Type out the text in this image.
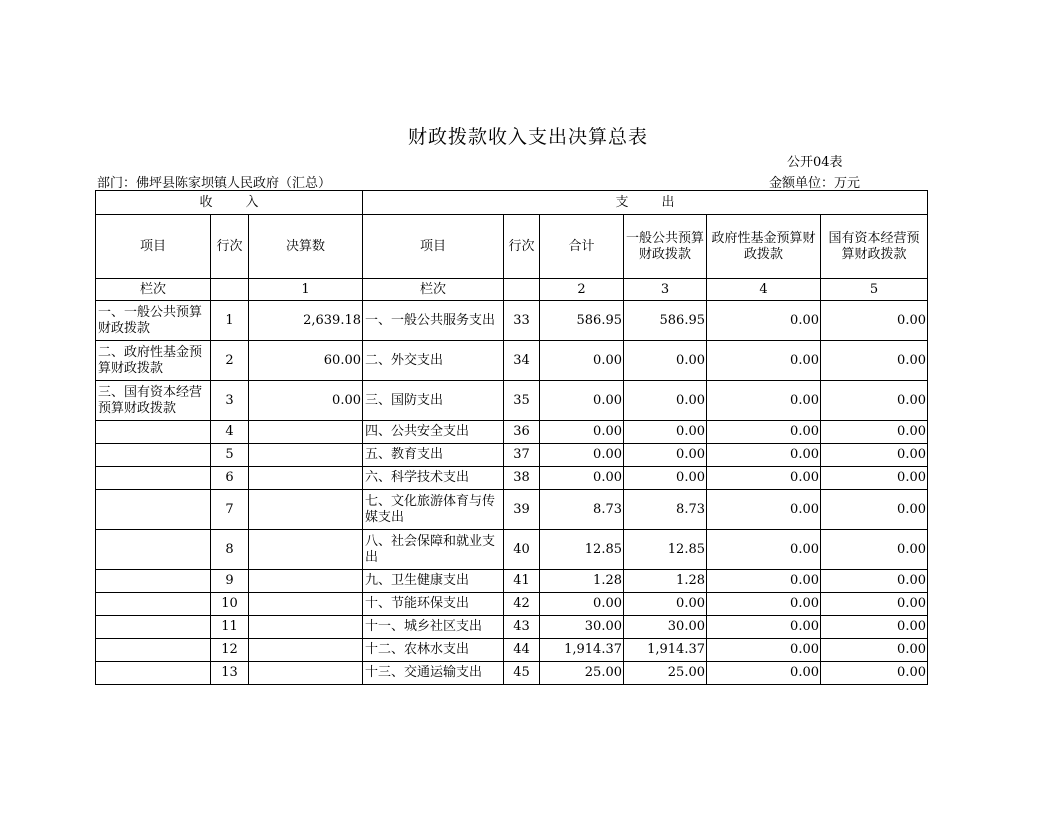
财政拨款收入支出决算总表
公开04表
部门：佛坪县陈家坝镇人民政府（汇总）	金额单位：万元
收        入			支        出					
项目	行次	决算数	项目	行次	合计	一般公共预算财政拨款	政府性基金预算财政拨款	国有资本经营预算财政拨款
栏次		1	栏次		2	3	4	5
一、一般公共预算财政拨款	1	2,639.18	一、一般公共服务支出	33	586.95	586.95	0.00	0.00
二、政府性基金预算财政拨款	2	60.00	二、外交支出	34	0.00	0.00	0.00	0.00
三、国有资本经营预算财政拨款	3	0.00	三、国防支出	35	0.00	0.00	0.00	0.00
	4		四、公共安全支出	36	0.00	0.00	0.00	0.00
	5		五、教育支出	37	0.00	0.00	0.00	0.00
	6		六、科学技术支出	38	0.00	0.00	0.00	0.00
	7		七、文化旅游体育与传媒支出	39	8.73	8.73	0.00	0.00
	8		八、社会保障和就业支出	40	12.85	12.85	0.00	0.00
	9		九、卫生健康支出	41	1.28	1.28	0.00	0.00
	10		十、节能环保支出	42	0.00	0.00	0.00	0.00
	11		十一、城乡社区支出	43	30.00	30.00	0.00	0.00
	12		十二、农林水支出	44	1,914.37	1,914.37	0.00	0.00
	13		十三、交通运输支出	45	25.00	25.00	0.00	0.00
